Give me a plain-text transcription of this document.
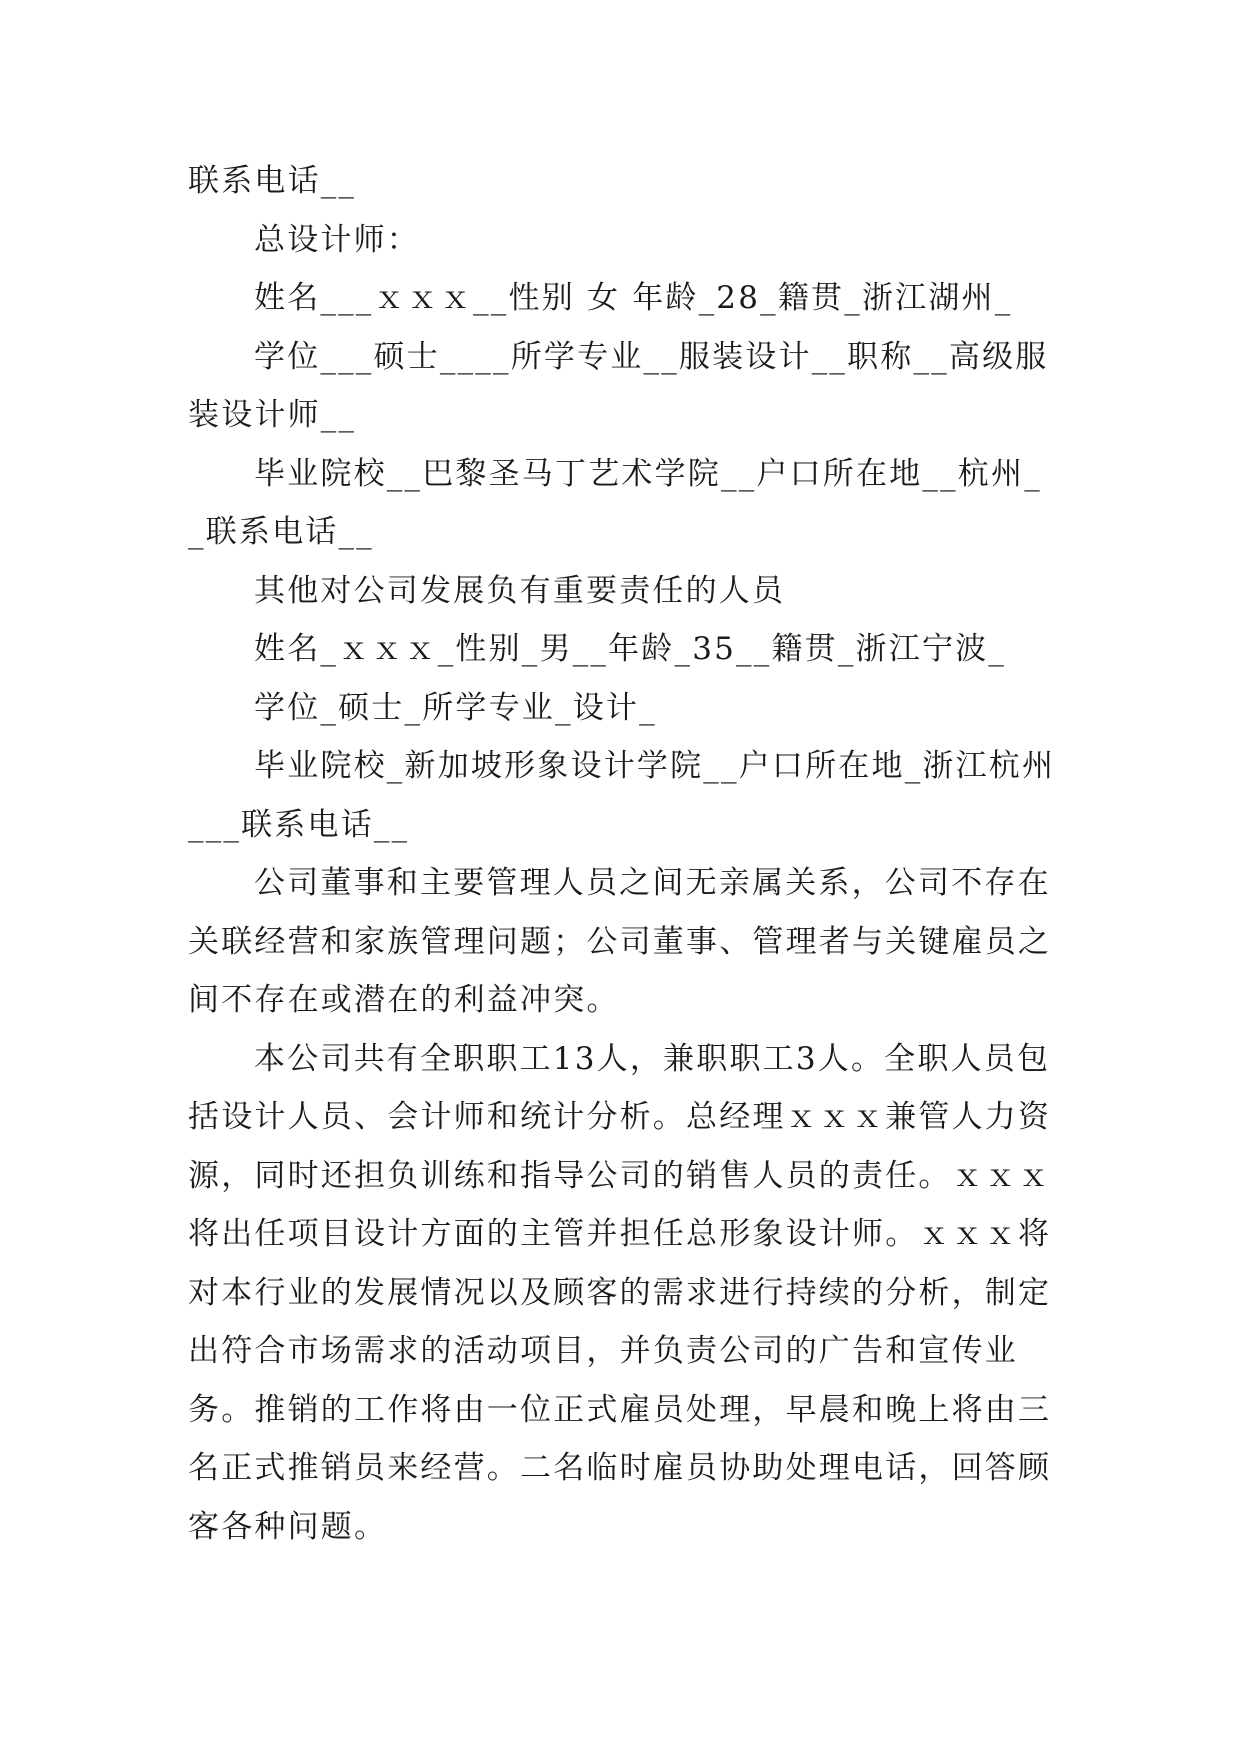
联系电话__

总设计师：

姓名___ｘｘｘ__性别 女 年龄_28_籍贯_浙江湖州_

学位___硕士____所学专业__服装设计__职称__高级服装设计师__

毕业院校__巴黎圣马丁艺术学院__户口所在地__杭州__联系电话__

其他对公司发展负有重要责任的人员

姓名_ｘｘｘ_性别_男__年龄_35__籍贯_浙江宁波_

学位_硕士_所学专业_设计_

毕业院校_新加坡形象设计学院__户口所在地_浙江杭州___联系电话__

公司董事和主要管理人员之间无亲属关系，公司不存在关联经营和家族管理问题；公司董事、管理者与关键雇员之间不存在或潜在的利益冲突。

本公司共有全职职工13人，兼职职工3人。全职人员包括设计人员、会计师和统计分析。总经理ｘｘｘ兼管人力资源，同时还担负训练和指导公司的销售人员的责任。ｘｘｘ将出任项目设计方面的主管并担任总形象设计师。ｘｘｘ将对本行业的发展情况以及顾客的需求进行持续的分析，制定出符合市场需求的活动项目，并负责公司的广告和宣传业务。推销的工作将由一位正式雇员处理，早晨和晚上将由三名正式推销员来经营。二名临时雇员协助处理电话，回答顾客各种问题。
